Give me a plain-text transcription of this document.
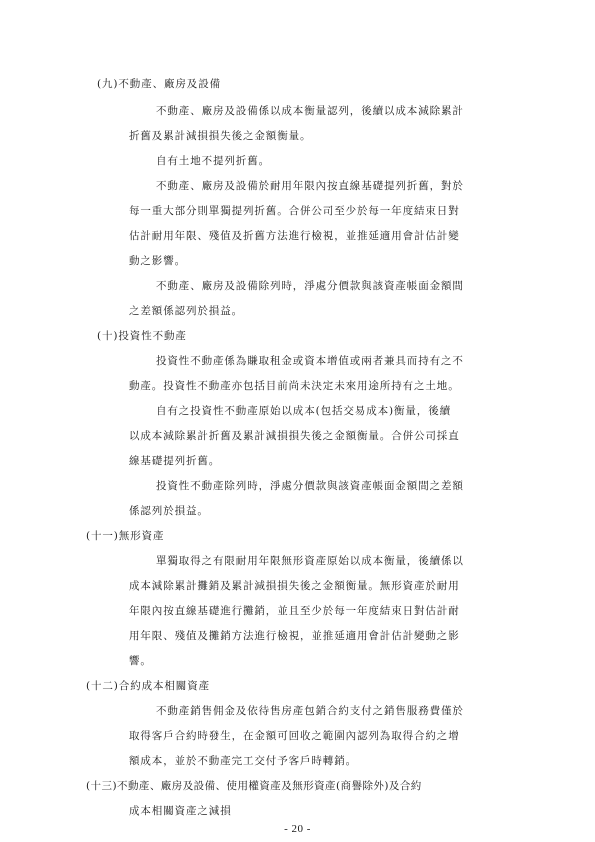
(九)不動產、廠房及設備
不動產、廠房及設備係以成本衡量認列，後續以成本減除累計
折舊及累計減損損失後之金額衡量。
自有土地不提列折舊。
不動產、廠房及設備於耐用年限內按直線基礎提列折舊，對於
每一重大部分則單獨提列折舊。合併公司至少於每一年度結束日對
估計耐用年限、殘值及折舊方法進行檢視，並推延適用會計估計變
動之影響。
不動產、廠房及設備除列時，淨處分價款與該資產帳面金額間
之差額係認列於損益。
(十)投資性不動產
投資性不動產係為賺取租金或資本增值或兩者兼具而持有之不
動產。投資性不動產亦包括目前尚未決定未來用途所持有之土地。
自有之投資性不動產原始以成本(包括交易成本)衡量，後續
以成本減除累計折舊及累計減損損失後之金額衡量。合併公司採直
線基礎提列折舊。
投資性不動產除列時，淨處分價款與該資產帳面金額間之差額
係認列於損益。
(十一)無形資產
單獨取得之有限耐用年限無形資產原始以成本衡量，後續係以
成本減除累計攤銷及累計減損損失後之金額衡量。無形資產於耐用
年限內按直線基礎進行攤銷，並且至少於每一年度結束日對估計耐
用年限、殘值及攤銷方法進行檢視，並推延適用會計估計變動之影
響。
(十二)合約成本相關資產
不動產銷售佣金及依待售房產包銷合約支付之銷售服務費僅於
取得客戶合約時發生，在金額可回收之範圍內認列為取得合約之增
額成本，並於不動產完工交付予客戶時轉銷。
(十三)不動產、廠房及設備、使用權資產及無形資產(商譽除外)及合約
成本相關資產之減損
- 20 -
